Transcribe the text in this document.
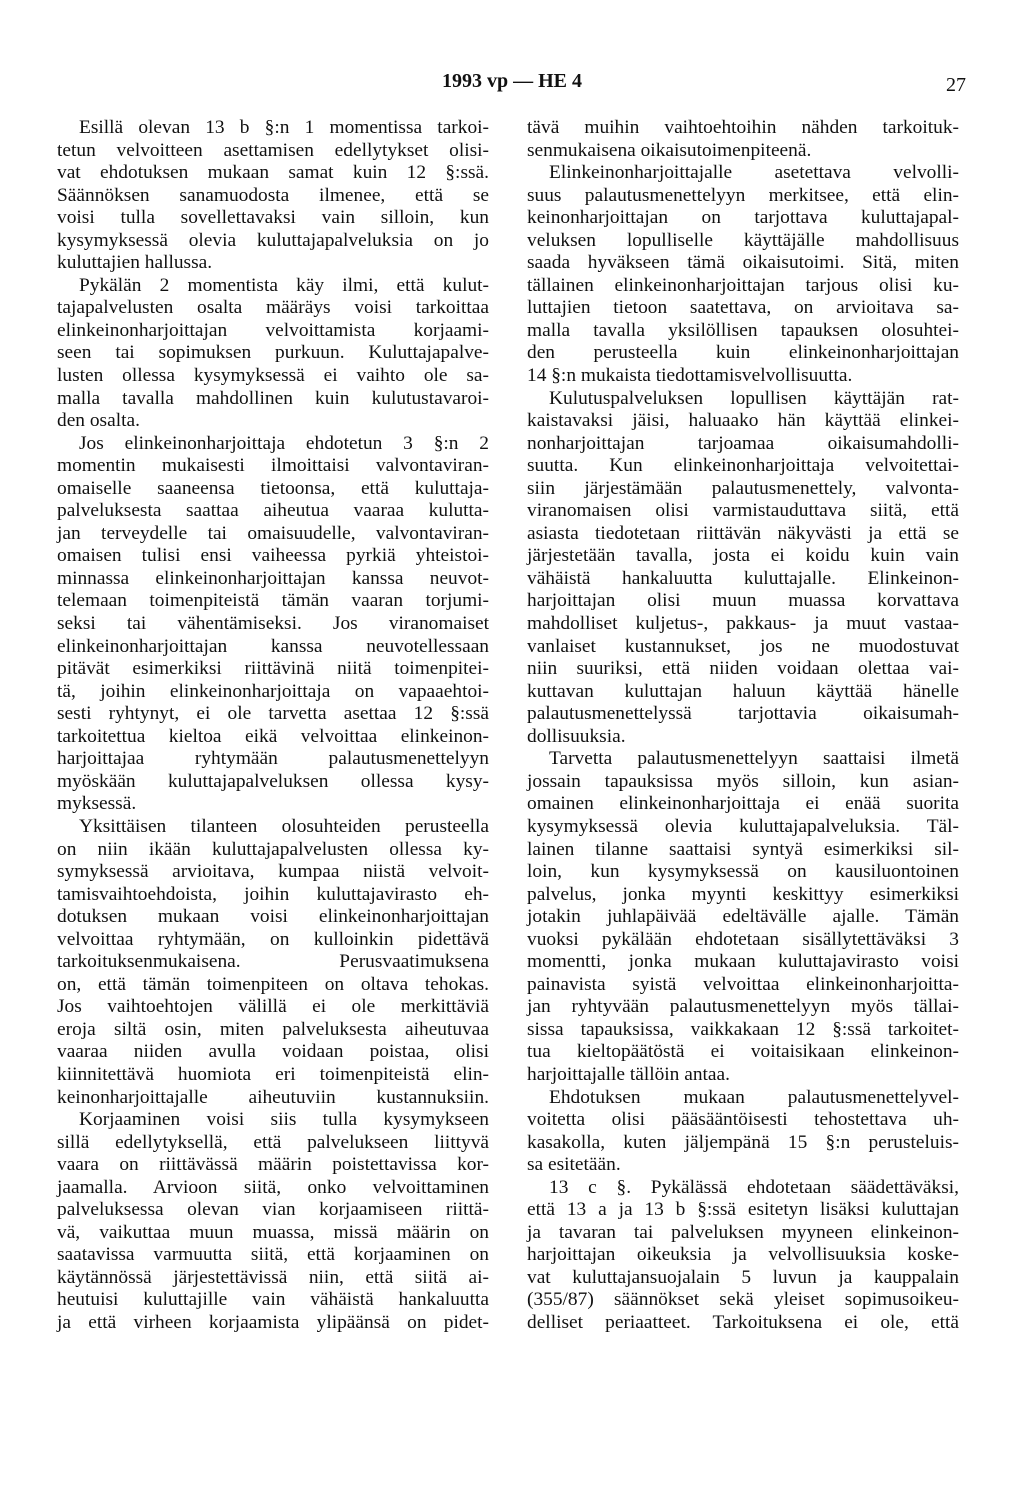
1993 vp — HE 4	27
Esillä olevan 13 b §:n 1 momentissa tarkoi-
tetun velvoitteen asettamisen edellytykset olisi-
vat ehdotuksen mukaan samat kuin 12 §:ssä.
Säännöksen sanamuodosta ilmenee, että se
voisi tulla sovellettavaksi vain silloin, kun
kysymyksessä olevia kuluttajapalveluksia on jo
kuluttajien hallussa.
Pykälän 2 momentista käy ilmi, että kulut-
tajapalvelusten osalta määräys voisi tarkoittaa
elinkeinonharjoittajan velvoittamista korjaami-
seen tai sopimuksen purkuun. Kuluttajapalve-
lusten ollessa kysymyksessä ei vaihto ole sa-
malla tavalla mahdollinen kuin kulutustavaroi-
den osalta.
Jos elinkeinonharjoittaja ehdotetun 3 §:n 2
momentin mukaisesti ilmoittaisi valvontaviran-
omaiselle saaneensa tietoonsa, että kuluttaja-
palveluksesta saattaa aiheutua vaaraa kulutta-
jan terveydelle tai omaisuudelle, valvontaviran-
omaisen tulisi ensi vaiheessa pyrkiä yhteistoi-
minnassa elinkeinonharjoittajan kanssa neuvot-
telemaan toimenpiteistä tämän vaaran torjumi-
seksi tai vähentämiseksi. Jos viranomaiset
elinkeinonharjoittajan kanssa neuvotellessaan
pitävät esimerkiksi riittävinä niitä toimenpitei-
tä, joihin elinkeinonharjoittaja on vapaaehtoi-
sesti ryhtynyt, ei ole tarvetta asettaa 12 §:ssä
tarkoitettua kieltoa eikä velvoittaa elinkeinon-
harjoittajaa ryhtymään palautusmenettelyyn
myöskään kuluttajapalveluksen ollessa kysy-
myksessä.
Yksittäisen tilanteen olosuhteiden perusteella
on niin ikään kuluttajapalvelusten ollessa ky-
symyksessä arvioitava, kumpaa niistä velvoit-
tamisvaihtoehdoista, joihin kuluttajavirasto eh-
dotuksen mukaan voisi elinkeinonharjoittajan
velvoittaa ryhtymään, on kulloinkin pidettävä
tarkoituksenmukaisena. Perusvaatimuksena
on, että tämän toimenpiteen on oltava tehokas.
Jos vaihtoehtojen välillä ei ole merkittäviä
eroja siltä osin, miten palveluksesta aiheutuvaa
vaaraa niiden avulla voidaan poistaa, olisi
kiinnitettävä huomiota eri toimenpiteistä elin-
keinonharjoittajalle aiheutuviin kustannuksiin.
Korjaaminen voisi siis tulla kysymykseen
sillä edellytyksellä, että palvelukseen liittyvä
vaara on riittävässä määrin poistettavissa kor-
jaamalla. Arvioon siitä, onko velvoittaminen
palveluksessa olevan vian korjaamiseen riittä-
vä, vaikuttaa muun muassa, missä määrin on
saatavissa varmuutta siitä, että korjaaminen on
käytännössä järjestettävissä niin, että siitä ai-
heutuisi kuluttajille vain vähäistä hankaluutta
ja että virheen korjaamista ylipäänsä on pidet-
tävä muihin vaihtoehtoihin nähden tarkoituk-
senmukaisena oikaisutoimenpiteenä.
Elinkeinonharjoittajalle asetettava velvolli-
suus palautusmenettelyyn merkitsee, että elin-
keinonharjoittajan on tarjottava kuluttajapal-
veluksen lopulliselle käyttäjälle mahdollisuus
saada hyväkseen tämä oikaisutoimi. Sitä, miten
tällainen elinkeinonharjoittajan tarjous olisi ku-
luttajien tietoon saatettava, on arvioitava sa-
malla tavalla yksilöllisen tapauksen olosuhtei-
den perusteella kuin elinkeinonharjoittajan
14 §:n mukaista tiedottamisvelvollisuutta.
Kulutuspalveluksen lopullisen käyttäjän rat-
kaistavaksi jäisi, haluaako hän käyttää elinkei-
nonharjoittajan tarjoamaa oikaisumahdolli-
suutta. Kun elinkeinonharjoittaja velvoitettai-
siin järjestämään palautusmenettely, valvonta-
viranomaisen olisi varmistauduttava siitä, että
asiasta tiedotetaan riittävän näkyvästi ja että se
järjestetään tavalla, josta ei koidu kuin vain
vähäistä hankaluutta kuluttajalle. Elinkeinon-
harjoittajan olisi muun muassa korvattava
mahdolliset kuljetus-, pakkaus- ja muut vastaa-
vanlaiset kustannukset, jos ne muodostuvat
niin suuriksi, että niiden voidaan olettaa vai-
kuttavan kuluttajan haluun käyttää hänelle
palautusmenettelyssä tarjottavia oikaisumah-
dollisuuksia.
Tarvetta palautusmenettelyyn saattaisi ilmetä
jossain tapauksissa myös silloin, kun asian-
omainen elinkeinonharjoittaja ei enää suorita
kysymyksessä olevia kuluttajapalveluksia. Täl-
lainen tilanne saattaisi syntyä esimerkiksi sil-
loin, kun kysymyksessä on kausiluontoinen
palvelus, jonka myynti keskittyy esimerkiksi
jotakin juhlapäivää edeltävälle ajalle. Tämän
vuoksi pykälään ehdotetaan sisällytettäväksi 3
momentti, jonka mukaan kuluttajavirasto voisi
painavista syistä velvoittaa elinkeinonharjoitta-
jan ryhtyvään palautusmenettelyyn myös tällai-
sissa tapauksissa, vaikkakaan 12 §:ssä tarkoitet-
tua kieltopäätöstä ei voitaisikaan elinkeinon-
harjoittajalle tällöin antaa.
Ehdotuksen mukaan palautusmenettelyvel-
voitetta olisi pääsääntöisesti tehostettava uh-
kasakolla, kuten jäljempänä 15 §:n perusteluis-
sa esitetään.
13 c §. Pykälässä ehdotetaan säädettäväksi,
että 13 a ja 13 b §:ssä esitetyn lisäksi kuluttajan
ja tavaran tai palveluksen myyneen elinkeinon-
harjoittajan oikeuksia ja velvollisuuksia koske-
vat kuluttajansuojalain 5 luvun ja kauppalain
(355/87) säännökset sekä yleiset sopimusoikeu-
delliset periaatteet. Tarkoituksena ei ole, että
